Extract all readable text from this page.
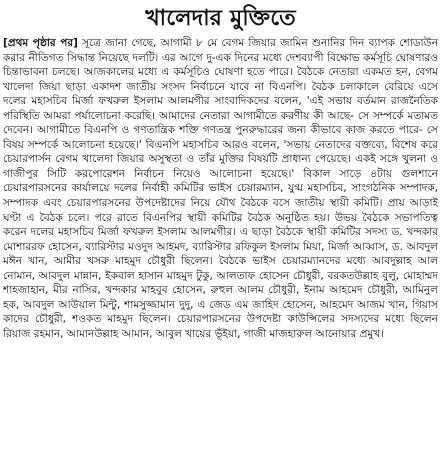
খালেদার মুক্তিতে

[প্রথম পৃষ্ঠার পর] সূত্রে জানা গেছে, আগামী ৮ মে বেগম জিয়ার জামিন শুনানির দিন ব্যাপক শোডাউন করার নীতিগত সিদ্ধান্ত নিয়েছে দলটি। এর আগে দু-এক দিনের মধ্যে দেশব্যাপী বিক্ষোভ কর্মসূচি ঘোষণারও চিন্তাভাবনা চলছে। আজকালের মধ্যে এ কর্মসূচিও ঘোষণা হতে পারে। বৈঠকে নেতারা একমত হন, বেগম খালেদা জিয়া ছাড়া একাদশ জাতীয় সংসদ নির্বাচনে যাবে না বিএনপি। বৈঠক চলাকালে বেরিয়ে এসে দলের মহাসচিব মির্জা ফখরুল ইসলাম আলমগীর সাংবাদিকদের বলেন, 'এই সভায় বর্তমান রাজনৈতিক পরিস্থিতি আমরা পর্যালোচনা করেছি। আমাদের নেতারা আগামীতে করণীয় কী আছে- সে সম্পর্কে মতামত দেবেন। আগামীতে বিএনপি ও গণতান্ত্রিক শক্তি গণতন্ত্র পুনরুদ্ধারের জন্য কীভাবে কাজ করতে পারে- সে বিষয় সম্পর্কে আলোচনা হয়েছে।' বিএনপি মহাসচিব আরও বলেন, 'সভায় নেতাদের বক্তব্যে, বিশেষ করে চেয়ারপার্সন বেগম খালেদা জিয়ার অসুস্থতা ও তাঁর মুক্তির বিষয়টি প্রাধান্য পেয়েছে। একই সঙ্গে খুলনা ও গাজীপুর সিটি করপোরেশন নির্বাচন নিয়েও আলোচনা হয়েছে।' বিকাল সাড়ে ৪টায় গুলশানে চেয়ারপারসনের কার্যালয়ে দলের নির্বাহী কমিটির ভাইস চেয়ারম্যান, যুগ্ম মহাসচিব, সাংগঠনিক সম্পাদক, সম্পাদক এবং চেয়ারপারসনের উপদেষ্টাদের নিয়ে যৌথ বৈঠকে বসে জাতীয় স্থায়ী কমিটি। প্রায় আড়াই ঘণ্টা এ বৈঠক চলে। পরে রাতে বিএনপির স্থায়ী কমিটির বৈঠক অনুষ্ঠিত হয়। উভয় বৈঠকে সভাপতিত্ব করেন দলের মহাসচিব মির্জা ফখরুল ইসলাম আলমগীর। এ ছাড়া বৈঠকে স্থায়ী কমিটির সদস্য ড. খন্দকার মোশাররফ হোসেন, ব্যারিস্টার মওদুদ আহমদ, ব্যারিস্টার রফিকুল ইসলাম মিয়া, মির্জা আব্বাস, ড. আবদুল মঈন খান, আমীর খসরু মাহমুদ চৌধুরী ছিলেন। বৈঠকে ভাইস চেয়ারম্যানদের মধ্যে আবদুল্লাহ আল নোমান, আবদুল মান্নান, ইকবাল হাসান মাহমুদ টুকু, আলতাফ হোসেন চৌধুরী, বরকতউল্লাহ বুলু, মোহাম্মদ শাহজাহান, মীর নাসির, খন্দকার মাহবুব হোসেন, রুহুল আলম চৌধুরী, ইনাম আহমেদ চৌধুরী, আমিনুল হক, আবদুল আউয়াল মিন্টু, শামসুজ্জামান দুদু, এ জেড এম জাহিদ হোসেন, আহমেদ আজম খান, গিয়াস কাদের চৌধুরী, শওকত মাহমুদ ছিলেন। চেয়ারপারসনের উপদেষ্টা কাউন্সিলের সদস্যদের মধ্যে ছিলেন রিয়াজ রহমান, আমানউল্লাহ আমান, আবুল খায়ের ভূঁইয়া, গাজী মাজহারুল আনোয়ার প্রমুখ।
